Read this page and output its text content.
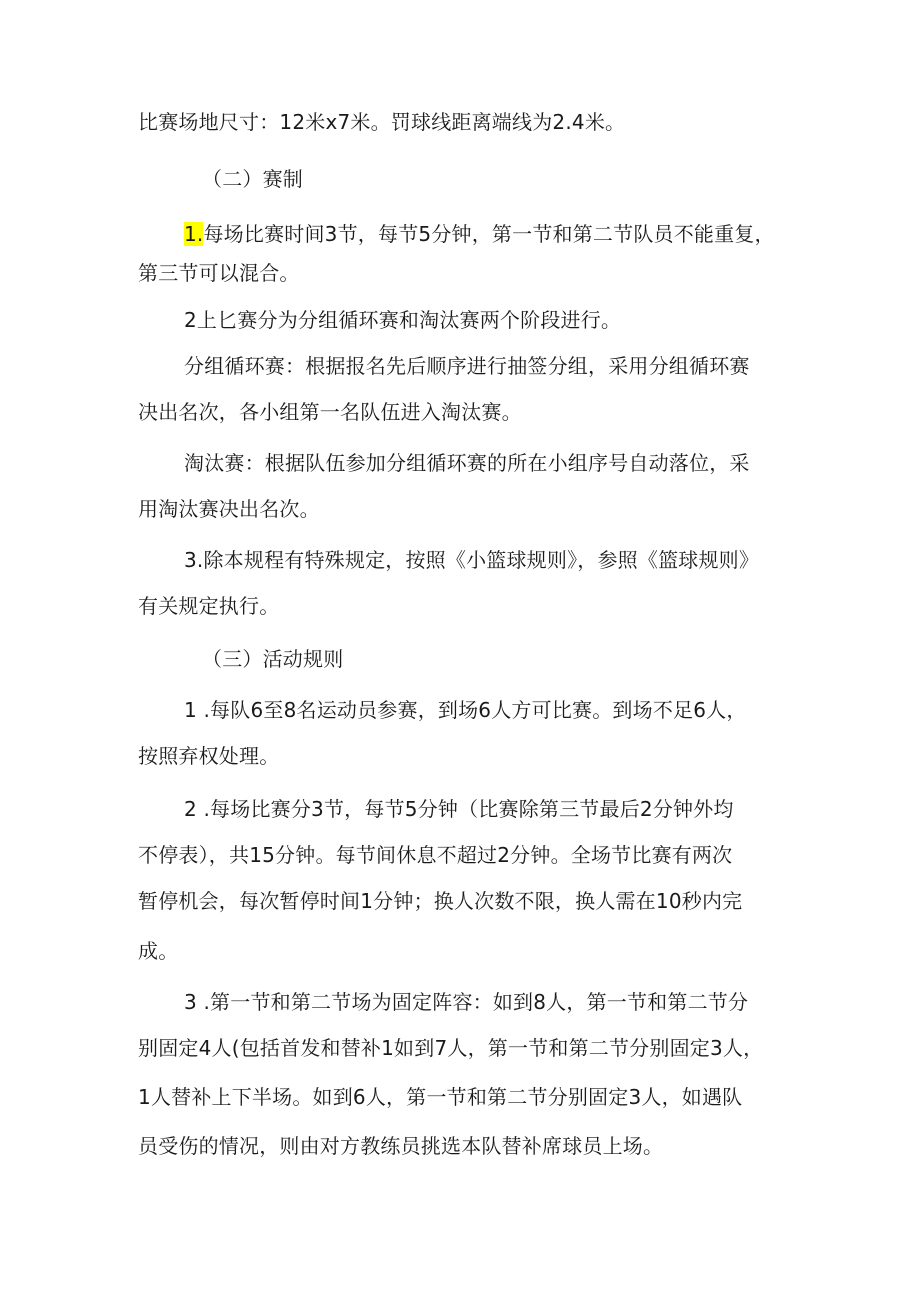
比赛场地尺寸：12米x7米。罚球线距离端线为2.4米。
（二）赛制
1.每场比赛时间3节，每节5分钟，第一节和第二节队员不能重复，
第三节可以混合。
2上匕赛分为分组循环赛和淘汰赛两个阶段进行。
分组循环赛：根据报名先后顺序进行抽签分组，采用分组循环赛
决出名次，各小组第一名队伍进入淘汰赛。
淘汰赛：根据队伍参加分组循环赛的所在小组序号自动落位，采
用淘汰赛决出名次。
3.除本规程有特殊规定，按照《小篮球规则》，参照《篮球规则》
有关规定执行。
（三）活动规则
1 .每队6至8名运动员参赛，到场6人方可比赛。到场不足6人，
按照弃权处理。
2 .每场比赛分3节，每节5分钟（比赛除第三节最后2分钟外均
不停表），共15分钟。每节间休息不超过2分钟。全场节比赛有两次
暂停机会，每次暂停时间1分钟；换人次数不限，换人需在10秒内完
成。
3 .第一节和第二节场为固定阵容：如到8人，第一节和第二节分
别固定4人(包括首发和替补1如到7人，第一节和第二节分别固定3人，
1人替补上下半场。如到6人，第一节和第二节分别固定3人，如遇队
员受伤的情况，则由对方教练员挑选本队替补席球员上场。
